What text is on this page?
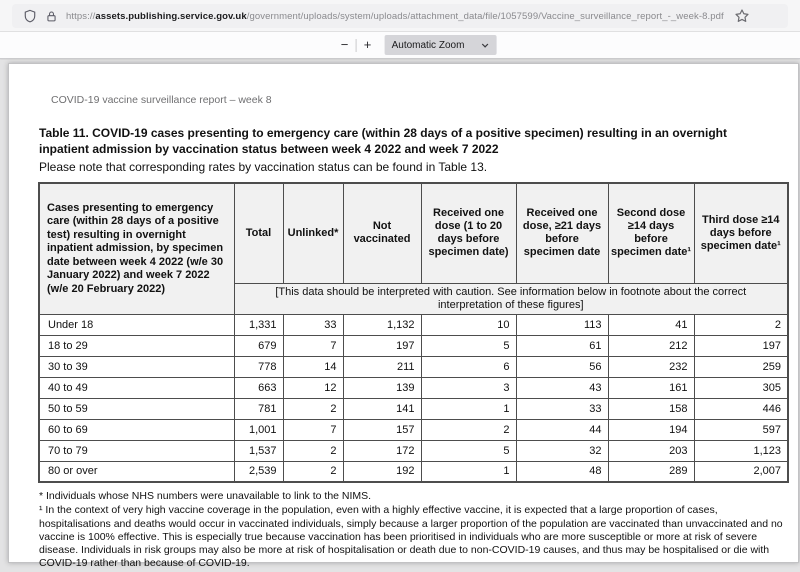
https://assets.publishing.service.gov.uk/government/uploads/system/uploads/attachment_data/file/1057599/Vaccine_surveillance_report_-_week-8.pdf
−	+	Automatic Zoom
COVID-19 vaccine surveillance report – week 8
Table 11. COVID-19 cases presenting to emergency care (within 28 days of a positive specimen) resulting in an overnight inpatient admission by vaccination status between week 4 2022 and week 7 2022
Please note that corresponding rates by vaccination status can be found in Table 13.
Cases presenting to emergency care (within 28 days of a positive test) resulting in overnight inpatient admission, by specimen date between week 4 2022 (w/e 30 January 2022) and week 7 2022 (w/e 20 February 2022)	Total	Unlinked*	Not vaccinated	Received one dose (1 to 20 days before specimen date)	Received one dose, ≥21 days before specimen date	Second dose ≥14 days before specimen date¹	Third dose ≥14 days before specimen date¹
	[This data should be interpreted with caution. See information below in footnote about the correct interpretation of these figures]						
Under 18	1,331	33	1,132	10	113	41	2
18 to 29	679	7	197	5	61	212	197
30 to 39	778	14	211	6	56	232	259
40 to 49	663	12	139	3	43	161	305
50 to 59	781	2	141	1	33	158	446
60 to 69	1,001	7	157	2	44	194	597
70 to 79	1,537	2	172	5	32	203	1,123
80 or over	2,539	2	192	1	48	289	2,007
* Individuals whose NHS numbers were unavailable to link to the NIMS.
¹ In the context of very high vaccine coverage in the population, even with a highly effective vaccine, it is expected that a large proportion of cases, hospitalisations and deaths would occur in vaccinated individuals, simply because a larger proportion of the population are vaccinated than unvaccinated and no vaccine is 100% effective. This is especially true because vaccination has been prioritised in individuals who are more susceptible or more at risk of severe disease. Individuals in risk groups may also be more at risk of hospitalisation or death due to non-COVID-19 causes, and thus may be hospitalised or die with COVID-19 rather than because of COVID-19.
